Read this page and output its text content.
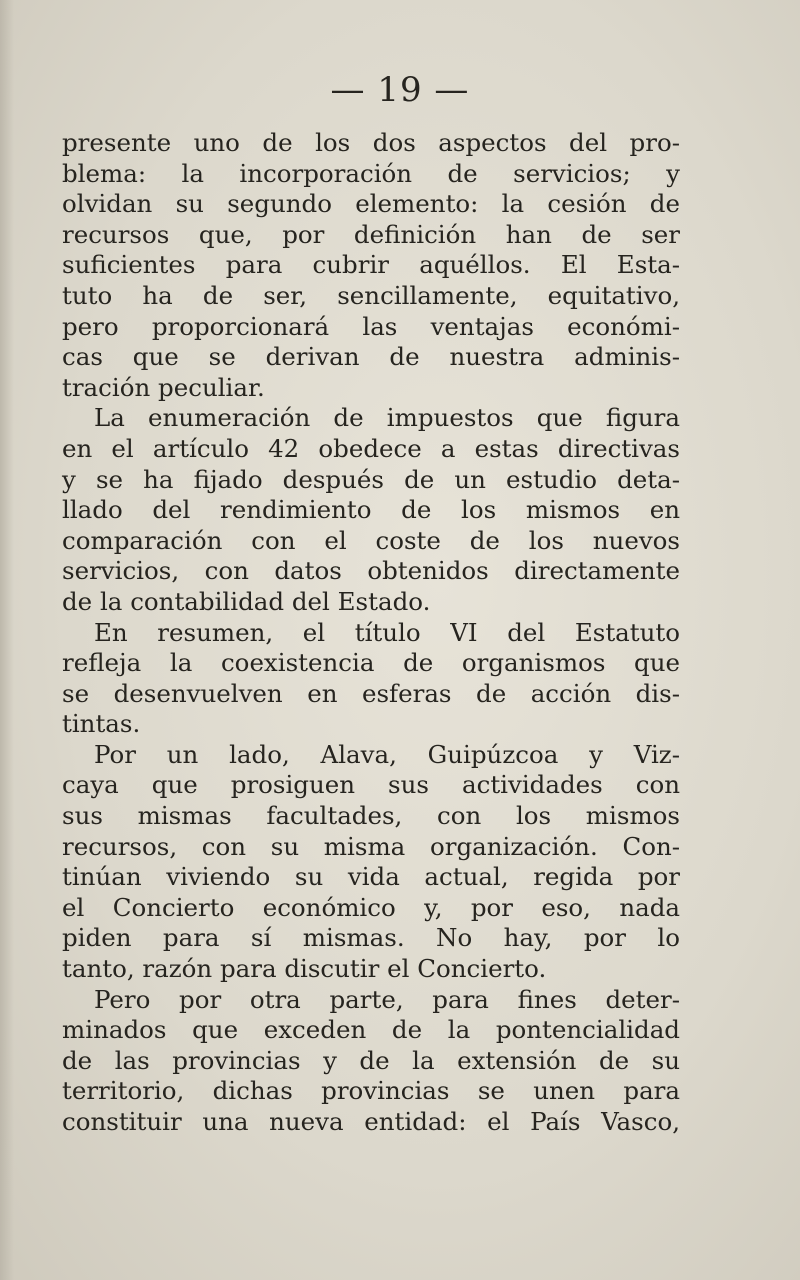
— 19 —
presente uno de los dos aspectos del pro-
blema: la incorporación de servicios; y
olvidan su segundo elemento: la cesión de
recursos que, por definición han de ser
suficientes para cubrir aquéllos. El Esta-
tuto ha de ser, sencillamente, equitativo,
pero proporcionará las ventajas económi-
cas que se derivan de nuestra adminis-
tración peculiar.
La enumeración de impuestos que figura
en el artículo 42 obedece a estas directivas
y se ha fijado después de un estudio deta-
llado del rendimiento de los mismos en
comparación con el coste de los nuevos
servicios, con datos obtenidos directamente
de la contabilidad del Estado.
En resumen, el título VI del Estatuto
refleja la coexistencia de organismos que
se desenvuelven en esferas de acción dis-
tintas.
Por un lado, Alava, Guipúzcoa y Viz-
caya que prosiguen sus actividades con
sus mismas facultades, con los mismos
recursos, con su misma organización. Con-
tinúan viviendo su vida actual, regida por
el Concierto económico y, por eso, nada
piden para sí mismas. No hay, por lo
tanto, razón para discutir el Concierto.
Pero por otra parte, para fines deter-
minados que exceden de la pontencialidad
de las provincias y de la extensión de su
territorio, dichas provincias se unen para
constituir una nueva entidad: el País Vasco,
